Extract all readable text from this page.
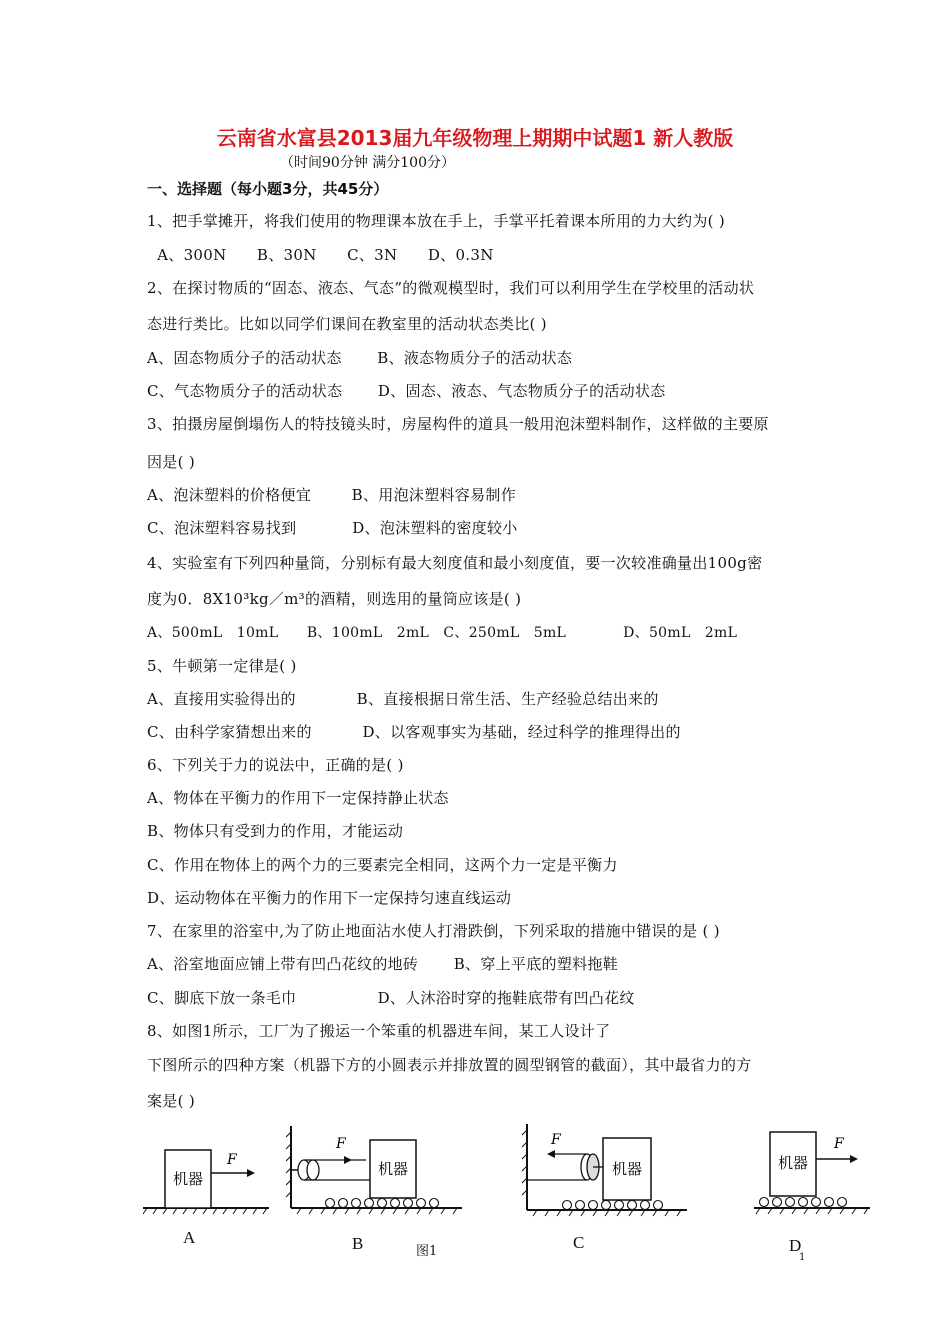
云南省水富县2013届九年级物理上期期中试题1 新人教版
（时间90分钟 满分100分）
一、选择题（每小题3分，共45分）
1、把手掌摊开，将我们使用的物理课本放在手上，手掌平托着课本所用的力大约为( )
A、300N      B、30N      C、3N      D、0.3N
2、在探讨物质的“固态、液态、气态”的微观模型时，我们可以利用学生在学校里的活动状
态进行类比。比如以同学们课间在教室里的活动状态类比( )
A、固态物质分子的活动状态       B、液态物质分子的活动状态
C、气态物质分子的活动状态       D、固态、液态、气态物质分子的活动状态
3、拍摄房屋倒塌伤人的特技镜头时，房屋构件的道具一般用泡沫塑料制作，这样做的主要原
因是( )
A、泡沫塑料的价格便宜        B、用泡沫塑料容易制作
C、泡沫塑料容易找到           D、泡沫塑料的密度较小
4、实验室有下列四种量筒，分别标有最大刻度值和最小刻度值，要一次较准确量出100g密
度为0．8X10³kg／m³的酒精，则选用的量筒应该是( )
A、500mL   10mL      B、100mL   2mL   C、250mL   5mL            D、50mL   2mL
5、牛顿第一定律是( )
A、直接用实验得出的            B、直接根据日常生活、生产经验总结出来的
C、由科学家猜想出来的          D、以客观事实为基础，经过科学的推理得出的
6、下列关于力的说法中，正确的是( )
A、物体在平衡力的作用下一定保持静止状态
B、物体只有受到力的作用，才能运动
C、作用在物体上的两个力的三要素完全相同，这两个力一定是平衡力
D、运动物体在平衡力的作用下一定保持匀速直线运动
7、在家里的浴室中,为了防止地面沾水使人打滑跌倒，下列采取的措施中错误的是 ( )
A、浴室地面应铺上带有凹凸花纹的地砖       B、穿上平底的塑料拖鞋
C、脚底下放一条毛巾                D、人沐浴时穿的拖鞋底带有凹凸花纹
8、如图1所示，工厂为了搬运一个笨重的机器进车间，某工人设计了
下图所示的四种方案（机器下方的小圆表示并排放置的圆型钢管的截面），其中最省力的方
案是( )
机器
F
A
F
机器
B
F
机器
C
机器
F
D
图1	1
